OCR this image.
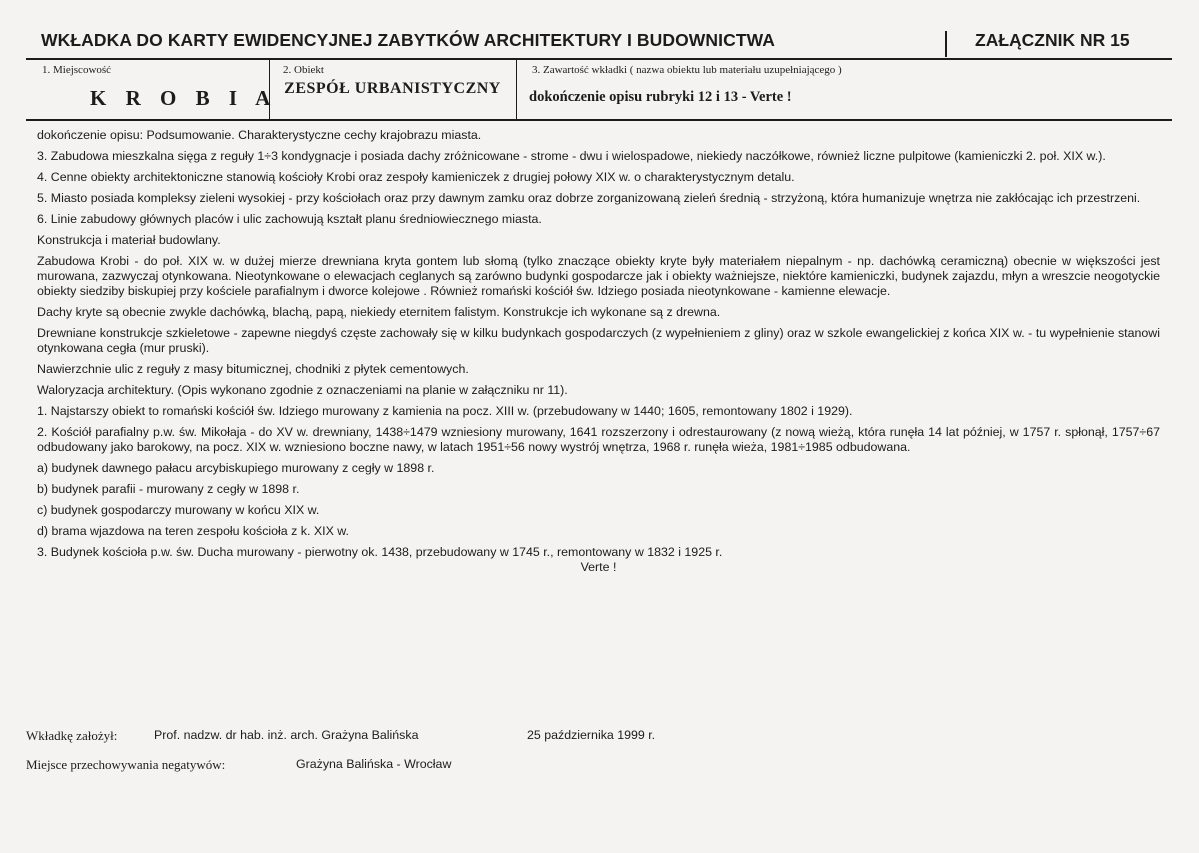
WKŁADKA DO KARTY EWIDENCYJNEJ ZABYTKÓW ARCHITEKTURY I BUDOWNICTWA	ZAŁĄCZNIK NR 15
1. Miejscowość
K R O B I A
2. Obiekt
ZESPÓŁ URBANISTYCZNY
3. Zawartość wkładki ( nazwa obiektu lub materiału uzupełniającego )
dokończenie opisu rubryki 12 i 13 - Verte !

dokończenie opisu: Podsumowanie. Charakterystyczne cechy krajobrazu miasta.

3. Zabudowa mieszkalna sięga z reguły 1÷3 kondygnacje i posiada dachy zróżnicowane - strome - dwu i wielospadowe, niekiedy naczółkowe, również liczne pulpitowe (kamieniczki 2. poł. XIX w.).

4. Cenne obiekty architektoniczne stanowią kościoły Krobi oraz zespoły kamieniczek z drugiej połowy XIX w. o charakterystycznym detalu.

5. Miasto posiada kompleksy zieleni wysokiej - przy kościołach oraz przy dawnym zamku oraz dobrze zorganizowaną zieleń średnią - strzyżoną, która humanizuje wnętrza nie zakłócając ich przestrzeni.

6. Linie zabudowy głównych placów i ulic zachowują kształt planu średniowiecznego miasta.

Konstrukcja i materiał budowlany.

Zabudowa Krobi - do poł. XIX w. w dużej mierze drewniana kryta gontem lub słomą (tylko znaczące obiekty kryte były materiałem niepalnym - np. dachówką ceramiczną) obecnie w większości jest murowana, zazwyczaj otynkowana. Nieotynkowane o elewacjach ceglanych są zarówno budynki gospodarcze jak i obiekty ważniejsze, niektóre kamieniczki, budynek zajazdu, młyn a wreszcie neogotyckie obiekty siedziby biskupiej przy kościele parafialnym i dworce kolejowe . Również romański kościół św. Idziego posiada nieotynkowane - kamienne elewacje.

Dachy kryte są obecnie zwykle dachówką, blachą, papą, niekiedy eternitem falistym. Konstrukcje ich wykonane są z drewna.

Drewniane konstrukcje szkieletowe - zapewne niegdyś częste zachowały się w kilku budynkach gospodarczych (z wypełnieniem z gliny) oraz w szkole ewangelickiej z końca XIX w. - tu wypełnienie stanowi otynkowana cegła (mur pruski).

Nawierzchnie ulic z reguły z masy bitumicznej, chodniki z płytek cementowych.

Waloryzacja architektury. (Opis wykonano zgodnie z oznaczeniami na planie w załączniku nr 11).

1. Najstarszy obiekt to romański kościół św. Idziego murowany z kamienia na pocz. XIII w. (przebudowany w 1440; 1605, remontowany 1802 i 1929).

2. Kościół parafialny p.w. św. Mikołaja - do XV w. drewniany, 1438÷1479 wzniesiony murowany, 1641 rozszerzony i odrestaurowany (z nową wieżą, która runęła 14 lat później, w 1757 r. spłonął, 1757÷67 odbudowany jako barokowy, na pocz. XIX w. wzniesiono boczne nawy, w latach 1951÷56 nowy wystrój wnętrza, 1968 r. runęła wieża, 1981÷1985 odbudowana.

a) budynek dawnego pałacu arcybiskupiego murowany z cegły w 1898 r.

b) budynek parafii - murowany z cegły w 1898 r.

c) budynek gospodarczy murowany w końcu XIX w.

d) brama wjazdowa na teren zespołu kościoła z k. XIX w.

3. Budynek kościoła p.w. św. Ducha murowany - pierwotny ok. 1438, przebudowany w 1745 r., remontowany w 1832 i 1925 r.

Verte !

Wkładkę założył:	Prof. nadzw. dr hab. inż. arch. Grażyna Balińska	25 października 1999 r.
Miejsce przechowywania negatywów:	Grażyna Balińska - Wrocław
